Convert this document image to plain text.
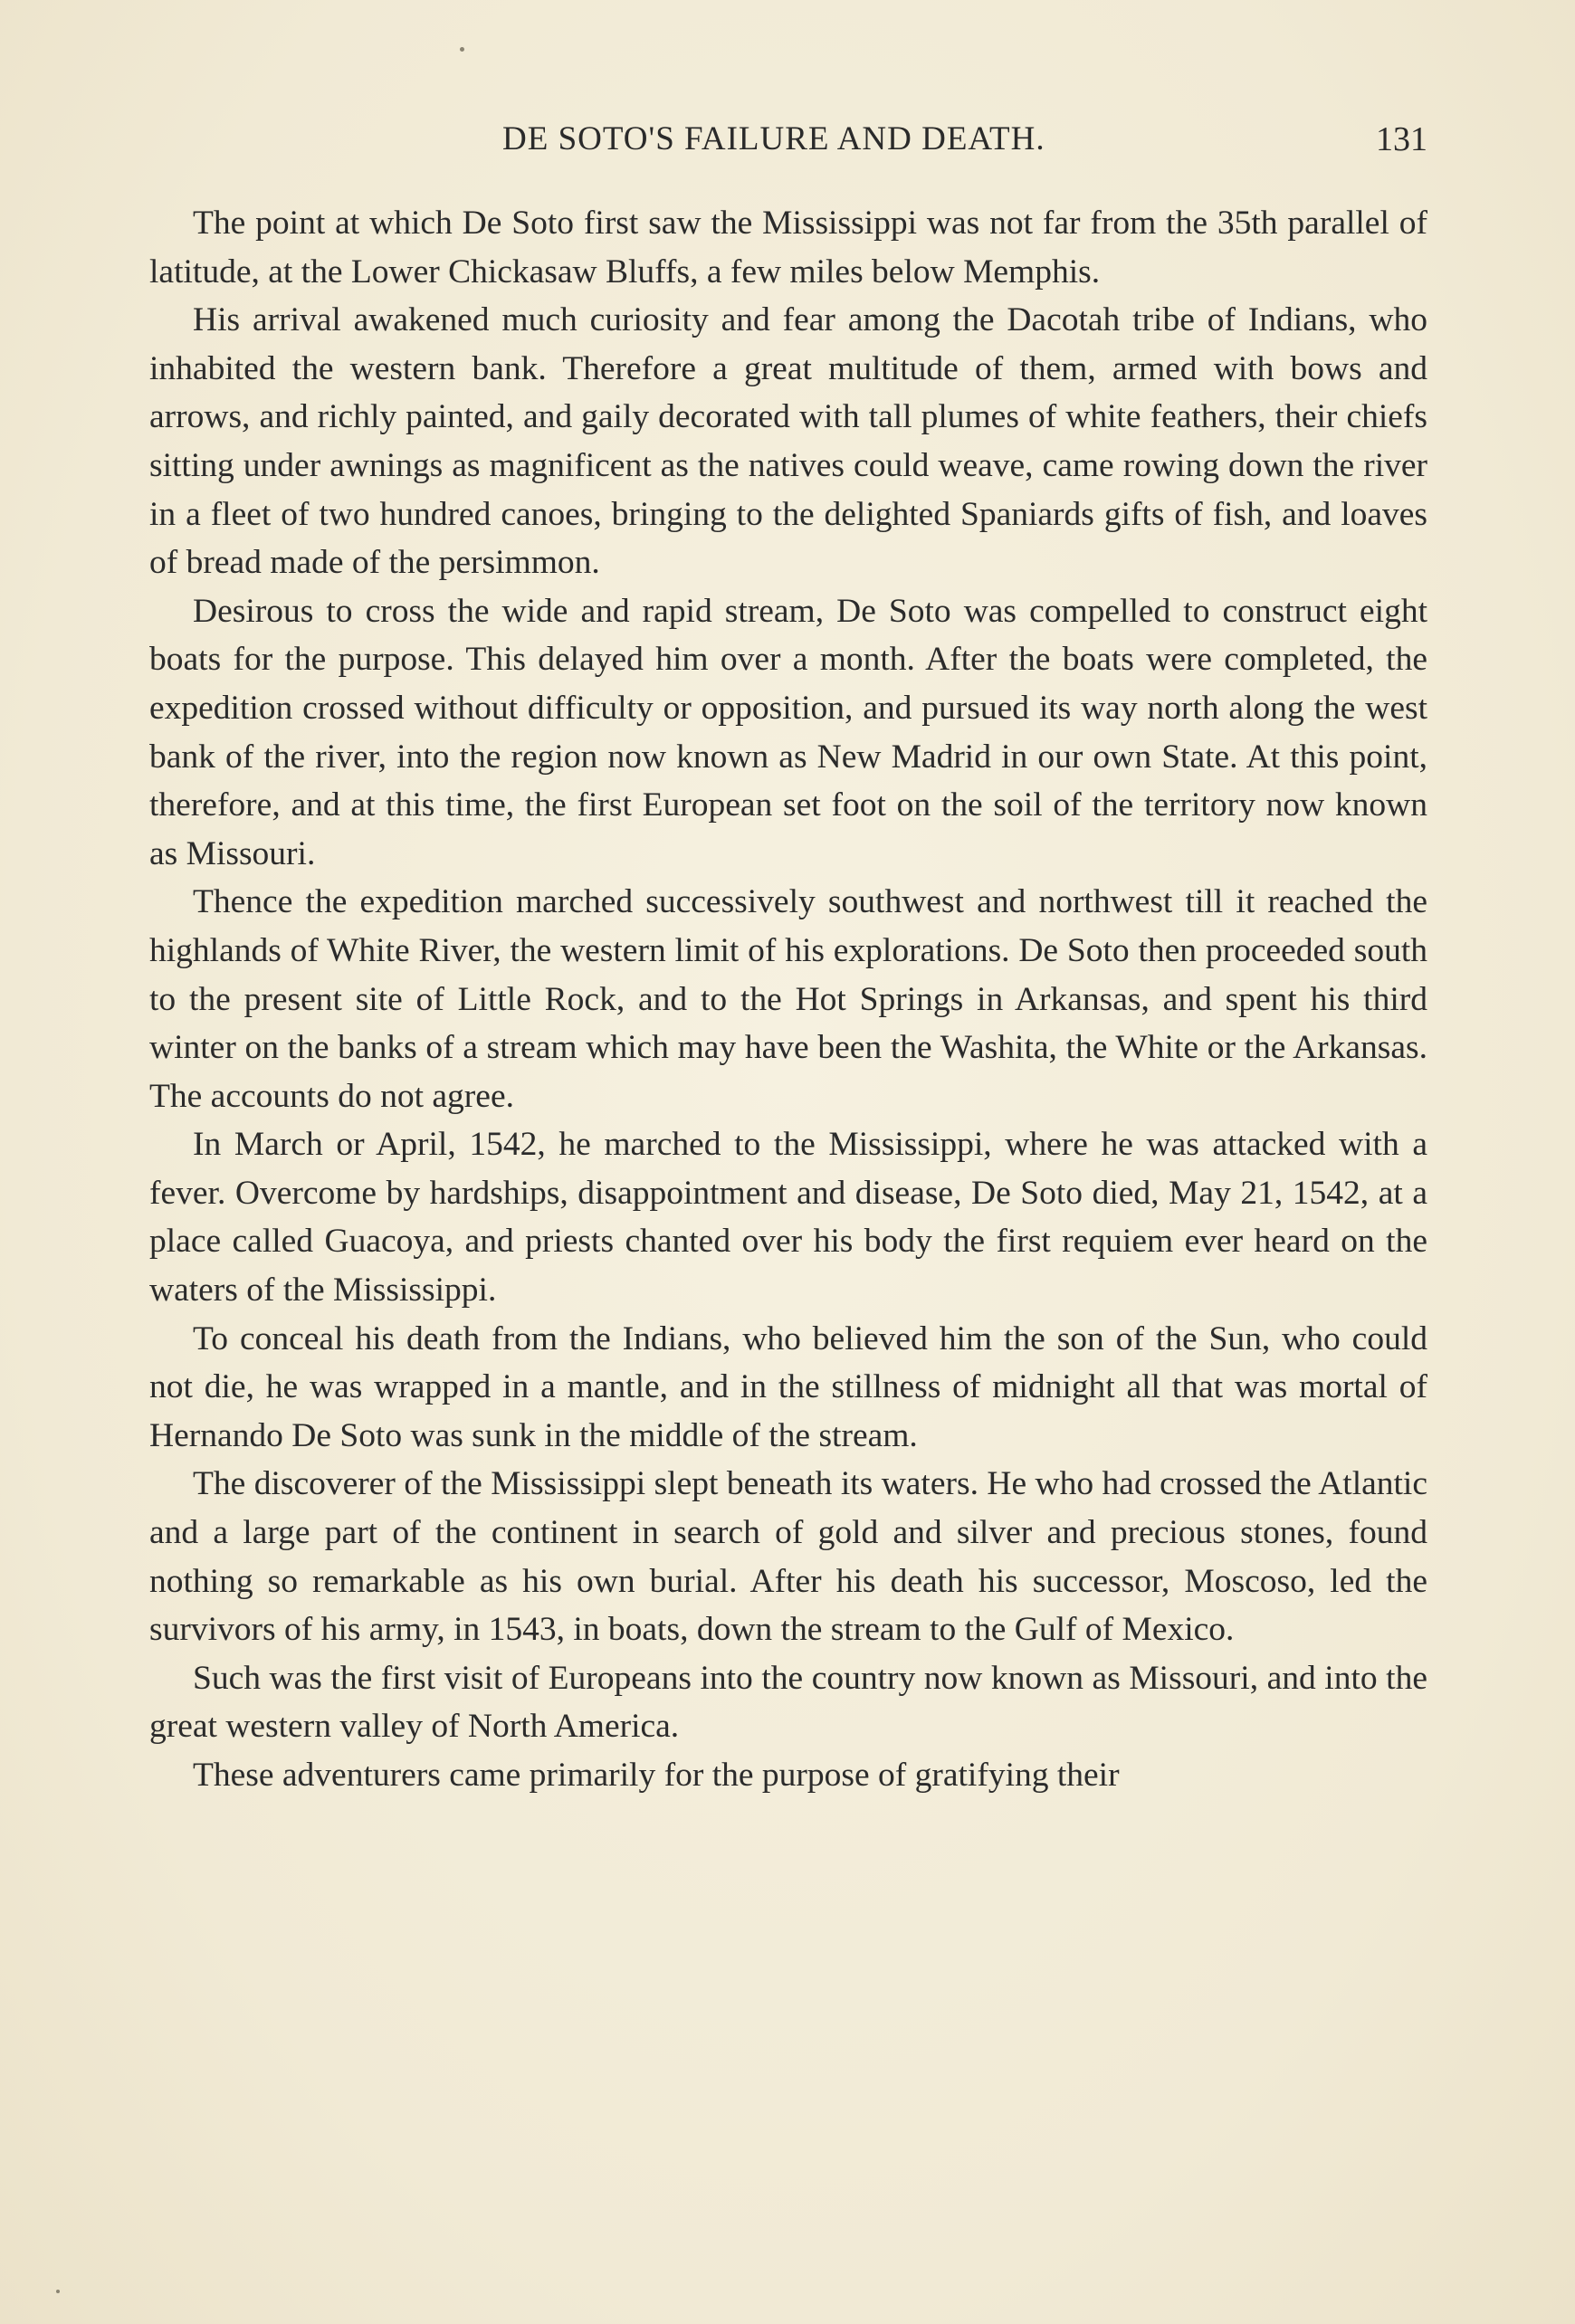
DE SOTO'S FAILURE AND DEATH.	131

The point at which De Soto first saw the Mississippi was not far from the 35th parallel of latitude, at the Lower Chickasaw Bluffs, a few miles below Memphis.

His arrival awakened much curiosity and fear among the Dacotah tribe of Indians, who inhabited the western bank. Therefore a great multitude of them, armed with bows and arrows, and richly painted, and gaily decorated with tall plumes of white feathers, their chiefs sitting under awnings as magnificent as the natives could weave, came rowing down the river in a fleet of two hundred canoes, bringing to the delighted Spaniards gifts of fish, and loaves of bread made of the persimmon.

Desirous to cross the wide and rapid stream, De Soto was compelled to construct eight boats for the purpose. This delayed him over a month. After the boats were completed, the expedition crossed without difficulty or opposition, and pursued its way north along the west bank of the river, into the region now known as New Madrid in our own State. At this point, therefore, and at this time, the first European set foot on the soil of the territory now known as Missouri.

Thence the expedition marched successively southwest and northwest till it reached the highlands of White River, the western limit of his explorations. De Soto then proceeded south to the present site of Little Rock, and to the Hot Springs in Arkansas, and spent his third winter on the banks of a stream which may have been the Washita, the White or the Arkansas. The accounts do not agree.

In March or April, 1542, he marched to the Mississippi, where he was attacked with a fever. Overcome by hardships, disappointment and disease, De Soto died, May 21, 1542, at a place called Guacoya, and priests chanted over his body the first requiem ever heard on the waters of the Mississippi.

To conceal his death from the Indians, who believed him the son of the Sun, who could not die, he was wrapped in a mantle, and in the stillness of midnight all that was mortal of Hernando De Soto was sunk in the middle of the stream.

The discoverer of the Mississippi slept beneath its waters. He who had crossed the Atlantic and a large part of the continent in search of gold and silver and precious stones, found nothing so remarkable as his own burial. After his death his successor, Moscoso, led the survivors of his army, in 1543, in boats, down the stream to the Gulf of Mexico.

Such was the first visit of Europeans into the country now known as Missouri, and into the great western valley of North America.

These adventurers came primarily for the purpose of gratifying their
